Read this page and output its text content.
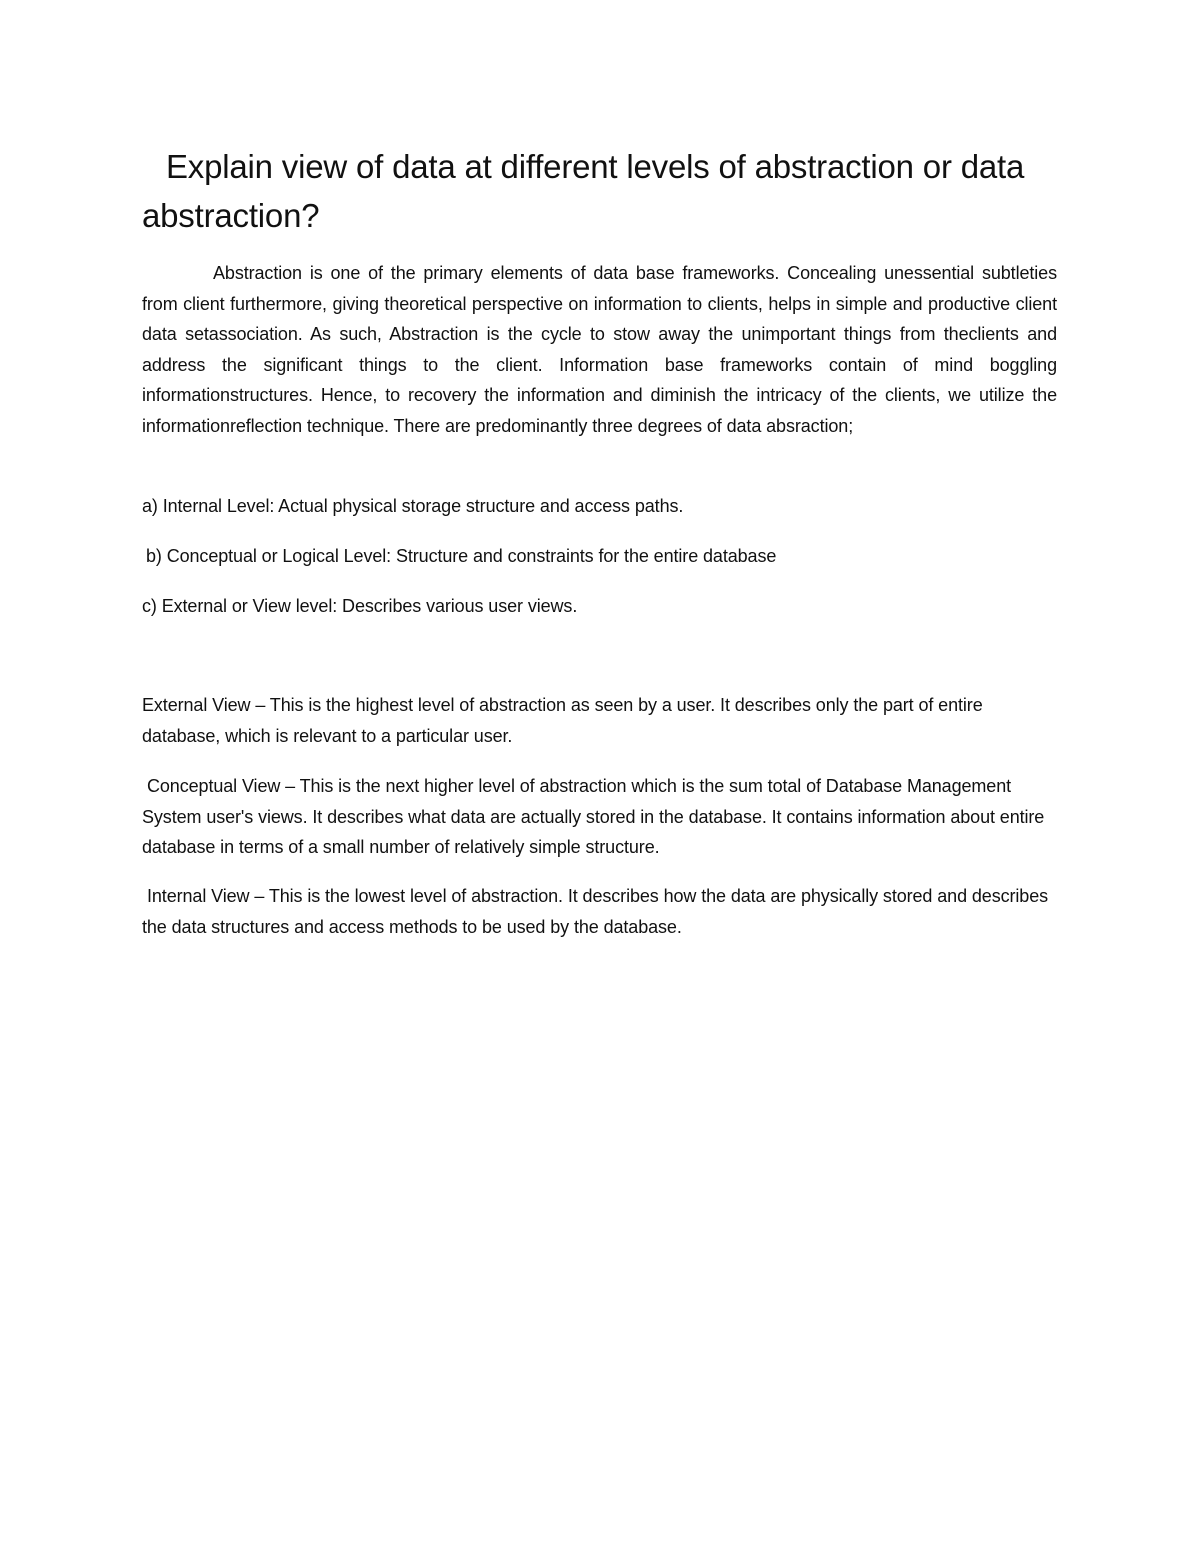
Explain view of data at different levels of abstraction or data abstraction?

Abstraction is one of the primary elements of data base frameworks. Concealing unessential subtleties from client furthermore, giving theoretical perspective on information to clients, helps in simple and productive client data setassociation. As such, Abstraction is the cycle to stow away the unimportant things from theclients and address the significant things to the client. Information base frameworks contain of mind boggling informationstructures. Hence, to recovery the information and diminish the intricacy of the clients, we utilize the informationreflection technique. There are predominantly three degrees of data absraction;

a) Internal Level: Actual physical storage structure and access paths.

b) Conceptual or Logical Level: Structure and constraints for the entire database

c) External or View level: Describes various user views.

External View – This is the highest level of abstraction as seen by a user. It describes only the part of entire database, which is relevant to a particular user.

Conceptual View – This is the next higher level of abstraction which is the sum total of Database Management System user's views. It describes what data are actually stored in the database. It contains information about entire database in terms of a small number of relatively simple structure.

Internal View – This is the lowest level of abstraction. It describes how the data are physically stored and describes the data structures and access methods to be used by the database.
